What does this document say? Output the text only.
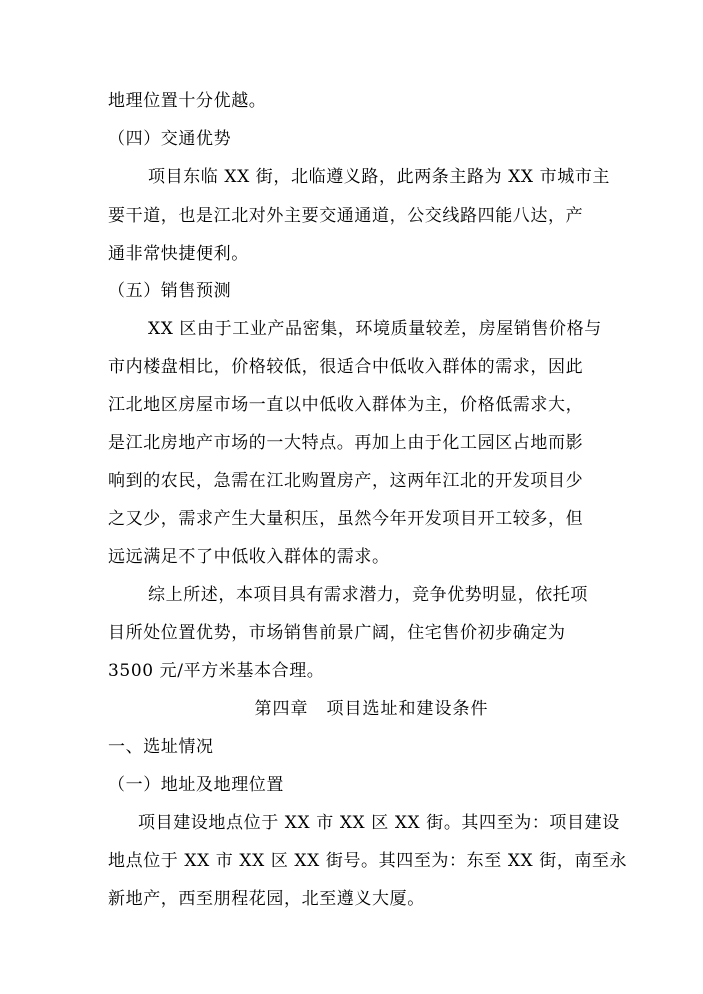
地理位置十分优越。
（四）交通优势
项目东临 XX 街，北临遵义路，此两条主路为 XX 市城市主
要干道，也是江北对外主要交通通道，公交线路四能八达，产
通非常快捷便利。
（五）销售预测
XX 区由于工业产品密集，环境质量较差，房屋销售价格与
市内楼盘相比，价格较低，很适合中低收入群体的需求，因此
江北地区房屋市场一直以中低收入群体为主，价格低需求大，
是江北房地产市场的一大特点。再加上由于化工园区占地而影
响到的农民，急需在江北购置房产，这两年江北的开发项目少
之又少，需求产生大量积压，虽然今年开发项目开工较多，但
远远满足不了中低收入群体的需求。
综上所述，本项目具有需求潜力，竞争优势明显，依托项
目所处位置优势，市场销售前景广阔，住宅售价初步确定为
3500 元/平方米基本合理。
第四章　项目选址和建设条件
一、选址情况
（一）地址及地理位置
项目建设地点位于 XX 市 XX 区 XX 街。其四至为：项目建设
地点位于 XX 市 XX 区 XX 街号。其四至为：东至 XX 街，南至永
新地产，西至朋程花园，北至遵义大厦。
